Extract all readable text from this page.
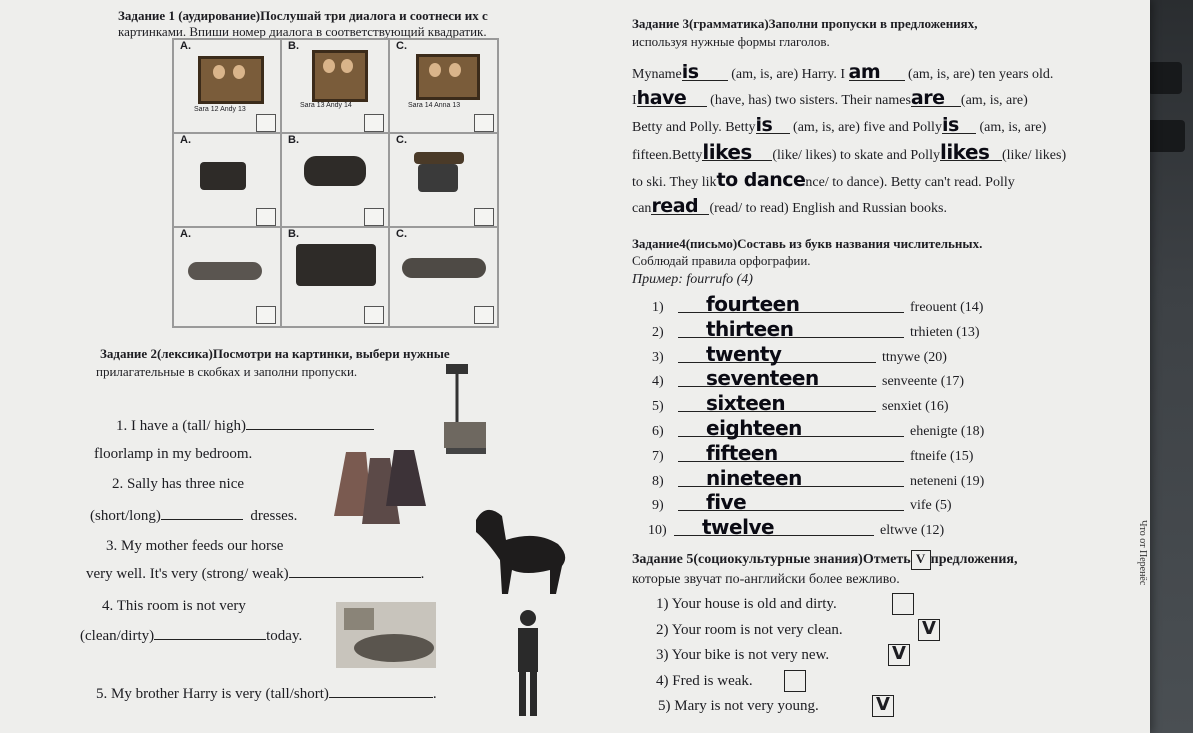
Задание 1 (аудирование)Послушай три диалога и соотнеси их с
картинками. Впиши номер диалога в соответствующий квадратик.
A.
Sara 12 Andy 13
B.
Sara 13 Andy 14
C.
Sara 14 Anna 13
A.	B.	C.
A.	B.	C.
Задание 2(лексика)Посмотри на картинки, выбери нужные
прилагательные в скобках и заполни пропуски.
1. I have a (tall/ high)
floorlamp in my bedroom.
2. Sally has three nice
(short/long)	dresses.
3. My mother feeds our horse
very well. It's very (strong/ weak)	.
4. This room is not very
(clean/dirty)	today.
5. My brother Harry is very (tall/short)	.
Задание 3(грамматика)Заполни пропуски в предложениях,
используя нужные формы глаголов.
Mynameis (am, is, are) Harry. I am (am, is, are) ten years old.
Ihave (have, has) two sisters. Their namesare (am, is, are)
Betty and Polly. Bettyis (am, is, are) five and Pollyis (am, is, are)
fifteen.Bettylikes (like/ likes) to skate and Pollylikes (like/ likes)
to ski. They likto dancence/ to dance). Betty can't read. Polly
canread (read/ to read) English and Russian books.
Задание4(письмо)Составь из букв названия числительных.
Соблюдай правила орфографии.
Пример: fourrufo (4)
1) fourteen	freouent (14)
2) thirteen	trhieten (13)
3) twenty	ttnywe (20)
4) seventeen	senveente (17)
5) sixteen	senxiet (16)
6) eighteen	ehenigte (18)
7) fifteen	ftneife (15)
8) nineteen	neteneni (19)
9) five	vife (5)
10) twelve	eltwve (12)
Задание 5(социокультурные знания)Отметь V предложения,
которые звучат по-английски более вежливо.
1) Your house is old and dirty.
2) Your room is not very clean.	V
3) Your bike is not very new.	V
4) Fred is weak.
5) Mary is not very young.	V
Что от Перенёс
